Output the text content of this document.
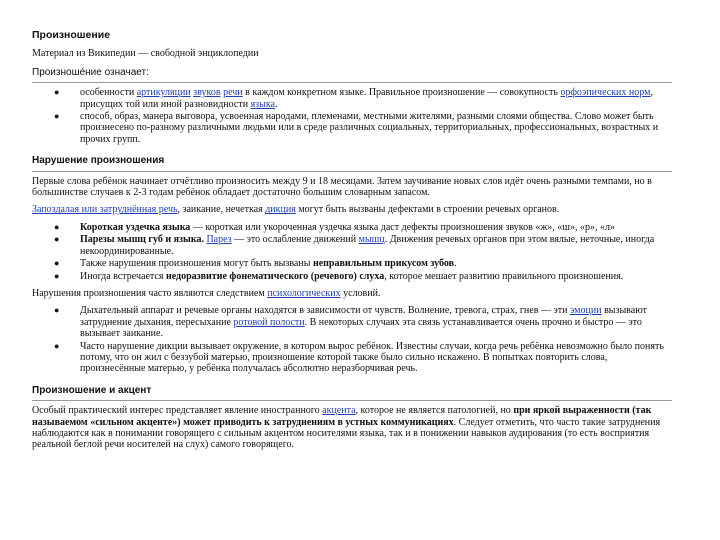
Произношение
Материал из Википедии — свободной энциклопедии
Произноше́ние означает:
● особенности артикуляции звуков речи в каждом конкретном языке. Правильное произношение — совокупность орфоэпических норм, присущих той или иной разновидности языка.
● способ, образ, манера выговора, усвоенная народами, племенами, местными жителями, разными слоями общества. Слово может быть произнесено по-разному различными людьми или в среде различных социальных, территориальных, профессиональных, возрастных и прочих групп.
Нарушение произношения

Первые слова ребёнок начинает отчётливо произносить между 9 и 18 месяцами. Затем заучивание новых слов идёт очень разными темпами, но в большинстве случаев к 2-3 годам ребёнок обладает достаточно большим словарным запасом.

Запоздалая или затруднённая речь, заикание, нечеткая дикция могут быть вызваны дефектами в строении речевых органов.

● Короткая уздечка языка — короткая или укороченная уздечка языка даст дефекты произношения звуков «ж», «ш», «р», «л»
● Парезы мышц губ и языка. Парез — это ослабление движений мышц. Движения речевых органов при этом вялые, неточные, иногда некоординированные.
● Также нарушения произношения могут быть вызваны неправильным прикусом зубов.
● Иногда встречается недоразвитие фонематического (речевого) слуха, которое мешает развитию правильного произношения.

Нарушения произношения часто являются следствием психологических условий.

● Дыхательный аппарат и речевые органы находятся в зависимости от чувств. Волнение, тревога, страх, гнев — эти эмоции вызывают затруднение дыхания, пересыхание ротовой полости. В некоторых случаях эта связь устанавливается очень прочно и быстро — это вызывает заикание.
● Часто нарушение дикции вызывает окружение, в котором вырос ребёнок. Известны случаи, когда речь ребёнка невозможно было понять потому, что он жил с беззубой матерью, произношение которой также было сильно искажено. В попытках повторить слова, произнесённые матерью, у ребёнка получалась абсолютно неразборчивая речь.
Произношение и акцент

Особый практический интерес представляет явление иностранного акцента, которое не является патологией, но при яркой выраженности (так называемом «сильном акценте») может приводить к затруднениям в устных коммуникациях. Следует отметить, что часто такие затруднения наблюдаются как в понимании говорящего с сильным акцентом носителями языка, так и в понижении навыков аудирования (то есть восприятия реальной беглой речи носителей на слух) самого говорящего.
